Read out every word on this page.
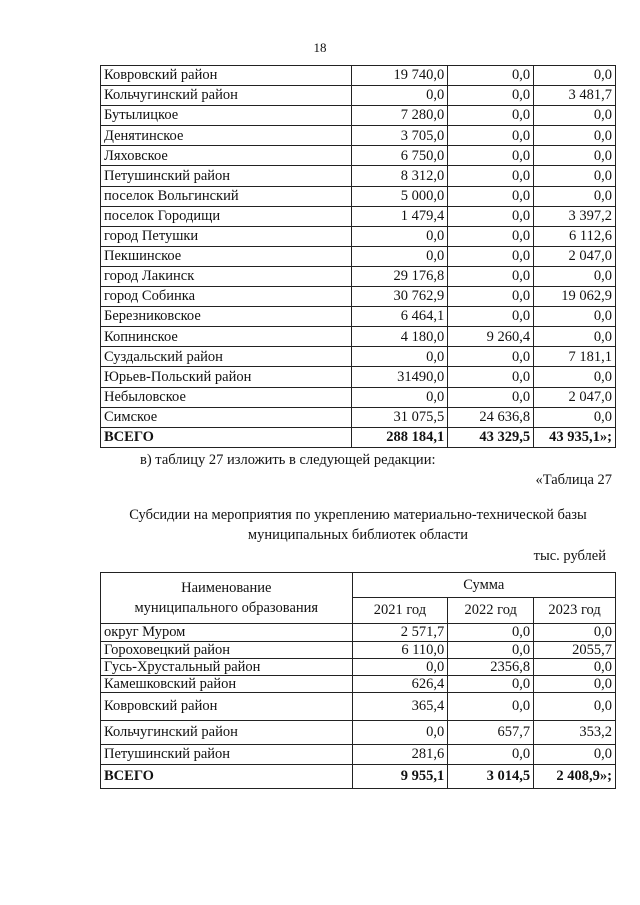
18
Ковровский район	19 740,0	0,0	0,0
Кольчугинский район	0,0	0,0	3 481,7
Бутылицкое	7 280,0	0,0	0,0
Денятинское	3 705,0	0,0	0,0
Ляховское	6 750,0	0,0	0,0
Петушинский район	8 312,0	0,0	0,0
поселок Вольгинский	5 000,0	0,0	0,0
поселок Городищи	1 479,4	0,0	3 397,2
город Петушки	0,0	0,0	6 112,6
Пекшинское	0,0	0,0	2 047,0
город Лакинск	29 176,8	0,0	0,0
город Собинка	30 762,9	0,0	19 062,9
Березниковское	6 464,1	0,0	0,0
Копнинское	4 180,0	9 260,4	0,0
Суздальский район	0,0	0,0	7 181,1
Юрьев-Польский район	31490,0	0,0	0,0
Небыловское	0,0	0,0	2 047,0
Симское	31 075,5	24 636,8	0,0
ВСЕГО	288 184,1	43 329,5	43 935,1»;
в) таблицу 27 изложить в следующей редакции:
«Таблица 27
Субсидии на мероприятия по укреплению материально-технической базы
муниципальных библиотек области
тыс. рублей
Наименование
муниципального образования	Сумма		
	2021 год	2022 год	2023 год
округ Муром	2 571,7	0,0	0,0
Гороховецкий район	6 110,0	0,0	2055,7
Гусь-Хрустальный район	0,0	2356,8	0,0
Камешковский район	626,4	0,0	0,0
Ковровский район	365,4	0,0	0,0
Кольчугинский район	0,0	657,7	353,2
Петушинский район	281,6	0,0	0,0
ВСЕГО	9 955,1	3 014,5	2 408,9»;
